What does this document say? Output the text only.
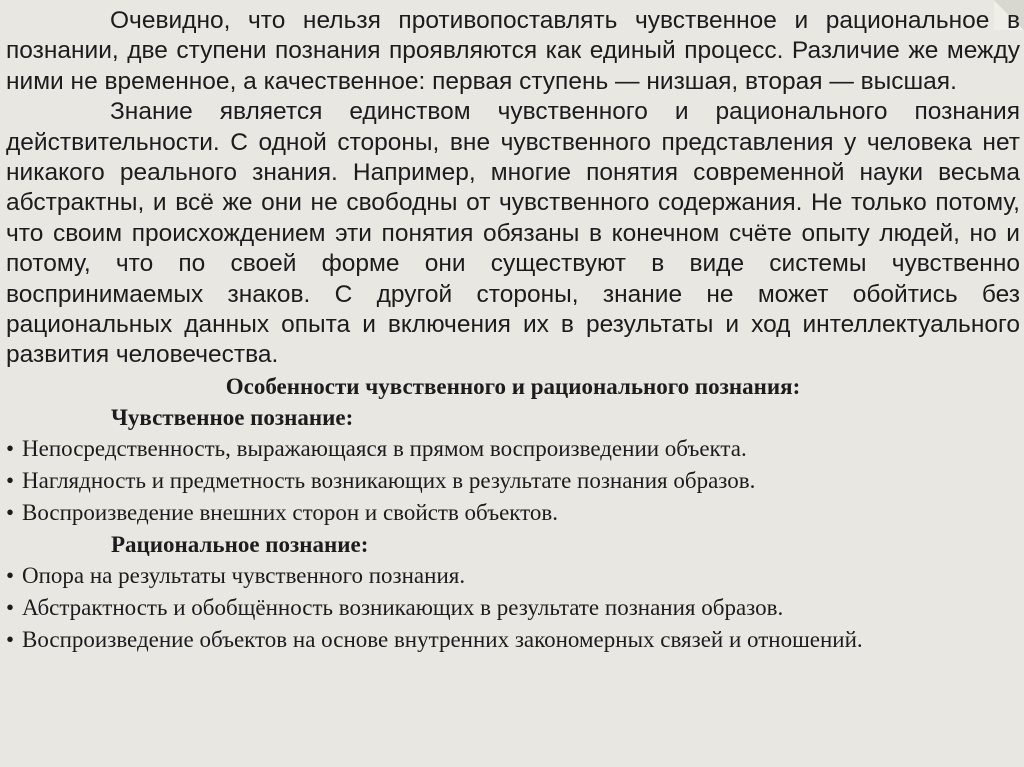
Очевидно, что нельзя противопоставлять чувственное и рациональное в познании, две ступени познания проявляются как единый процесс. Различие же между ними не временное, а качественное: первая ступень — низшая, вторая — высшая.

Знание является единством чувственного и рационального познания действительности. С одной стороны, вне чувственного представления у человека нет никакого реального знания. Например, многие понятия современной науки весьма абстрактны, и всё же они не свободны от чувственного содержания. Не только потому, что своим происхождением эти понятия обязаны в конечном счёте опыту людей, но и потому, что по своей форме они существуют в виде системы чувственно воспринимаемых знаков. С другой стороны, знание не может обойтись без рациональных данных опыта и включения их в результаты и ход интеллектуального развития человечества.

Особенности чувственного и рационального познания:

Чувственное познание:

• Непосредственность, выражающаяся в прямом воспроизведении объекта.
• Наглядность и предметность возникающих в результате познания образов.
• Воспроизведение внешних сторон и свойств объектов.

Рациональное познание:

• Опора на результаты чувственного познания.
• Абстрактность и обобщённость возникающих в результате познания образов.
• Воспроизведение объектов на основе внутренних закономерных связей и отношений.
